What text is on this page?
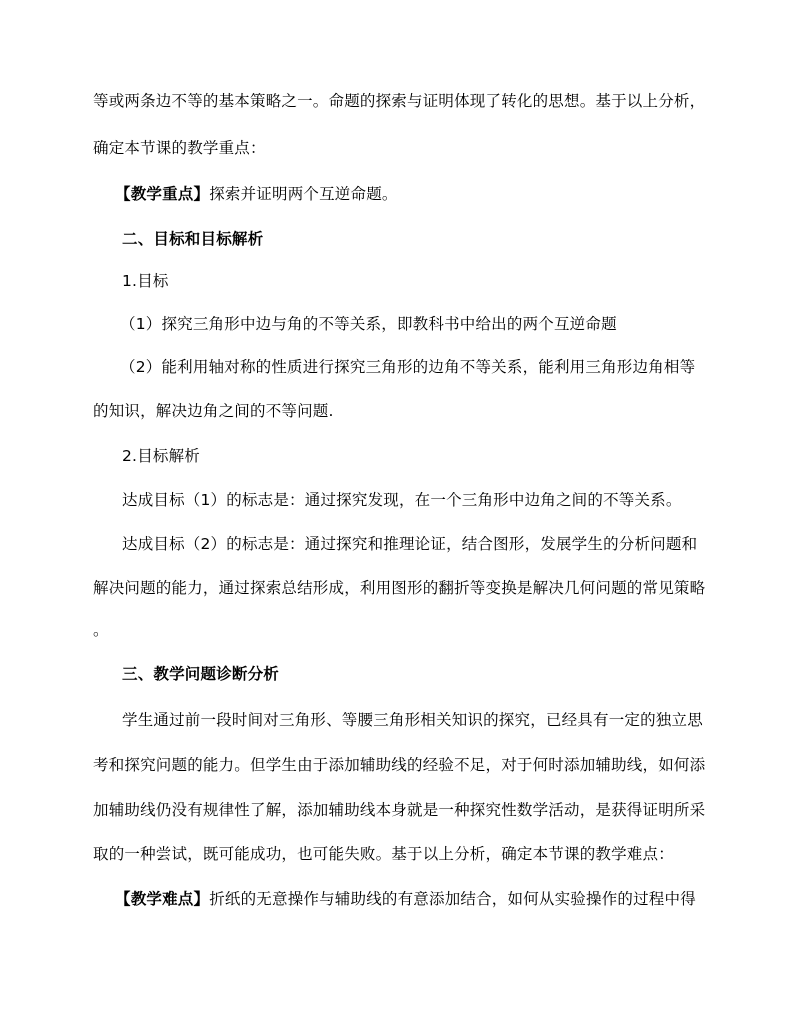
等或两条边不等的基本策略之一。命题的探索与证明体现了转化的思想。基于以上分析，
确定本节课的教学重点：
【教学重点】探索并证明两个互逆命题。
二、目标和目标解析
1.目标
（1）探究三角形中边与角的不等关系，即教科书中给出的两个互逆命题
（2）能利用轴对称的性质进行探究三角形的边角不等关系，能利用三角形边角相等
的知识，解决边角之间的不等问题.
2.目标解析
达成目标（1）的标志是：通过探究发现，在一个三角形中边角之间的不等关系。
达成目标（2）的标志是：通过探究和推理论证，结合图形，发展学生的分析问题和
解决问题的能力，通过探索总结形成，利用图形的翻折等变换是解决几何问题的常见策略
。
三、教学问题诊断分析
学生通过前一段时间对三角形、等腰三角形相关知识的探究，已经具有一定的独立思
考和探究问题的能力。但学生由于添加辅助线的经验不足，对于何时添加辅助线，如何添
加辅助线仍没有规律性了解，添加辅助线本身就是一种探究性数学活动，是获得证明所采
取的一种尝试，既可能成功，也可能失败。基于以上分析，确定本节课的教学难点：
【教学难点】折纸的无意操作与辅助线的有意添加结合，如何从实验操作的过程中得
